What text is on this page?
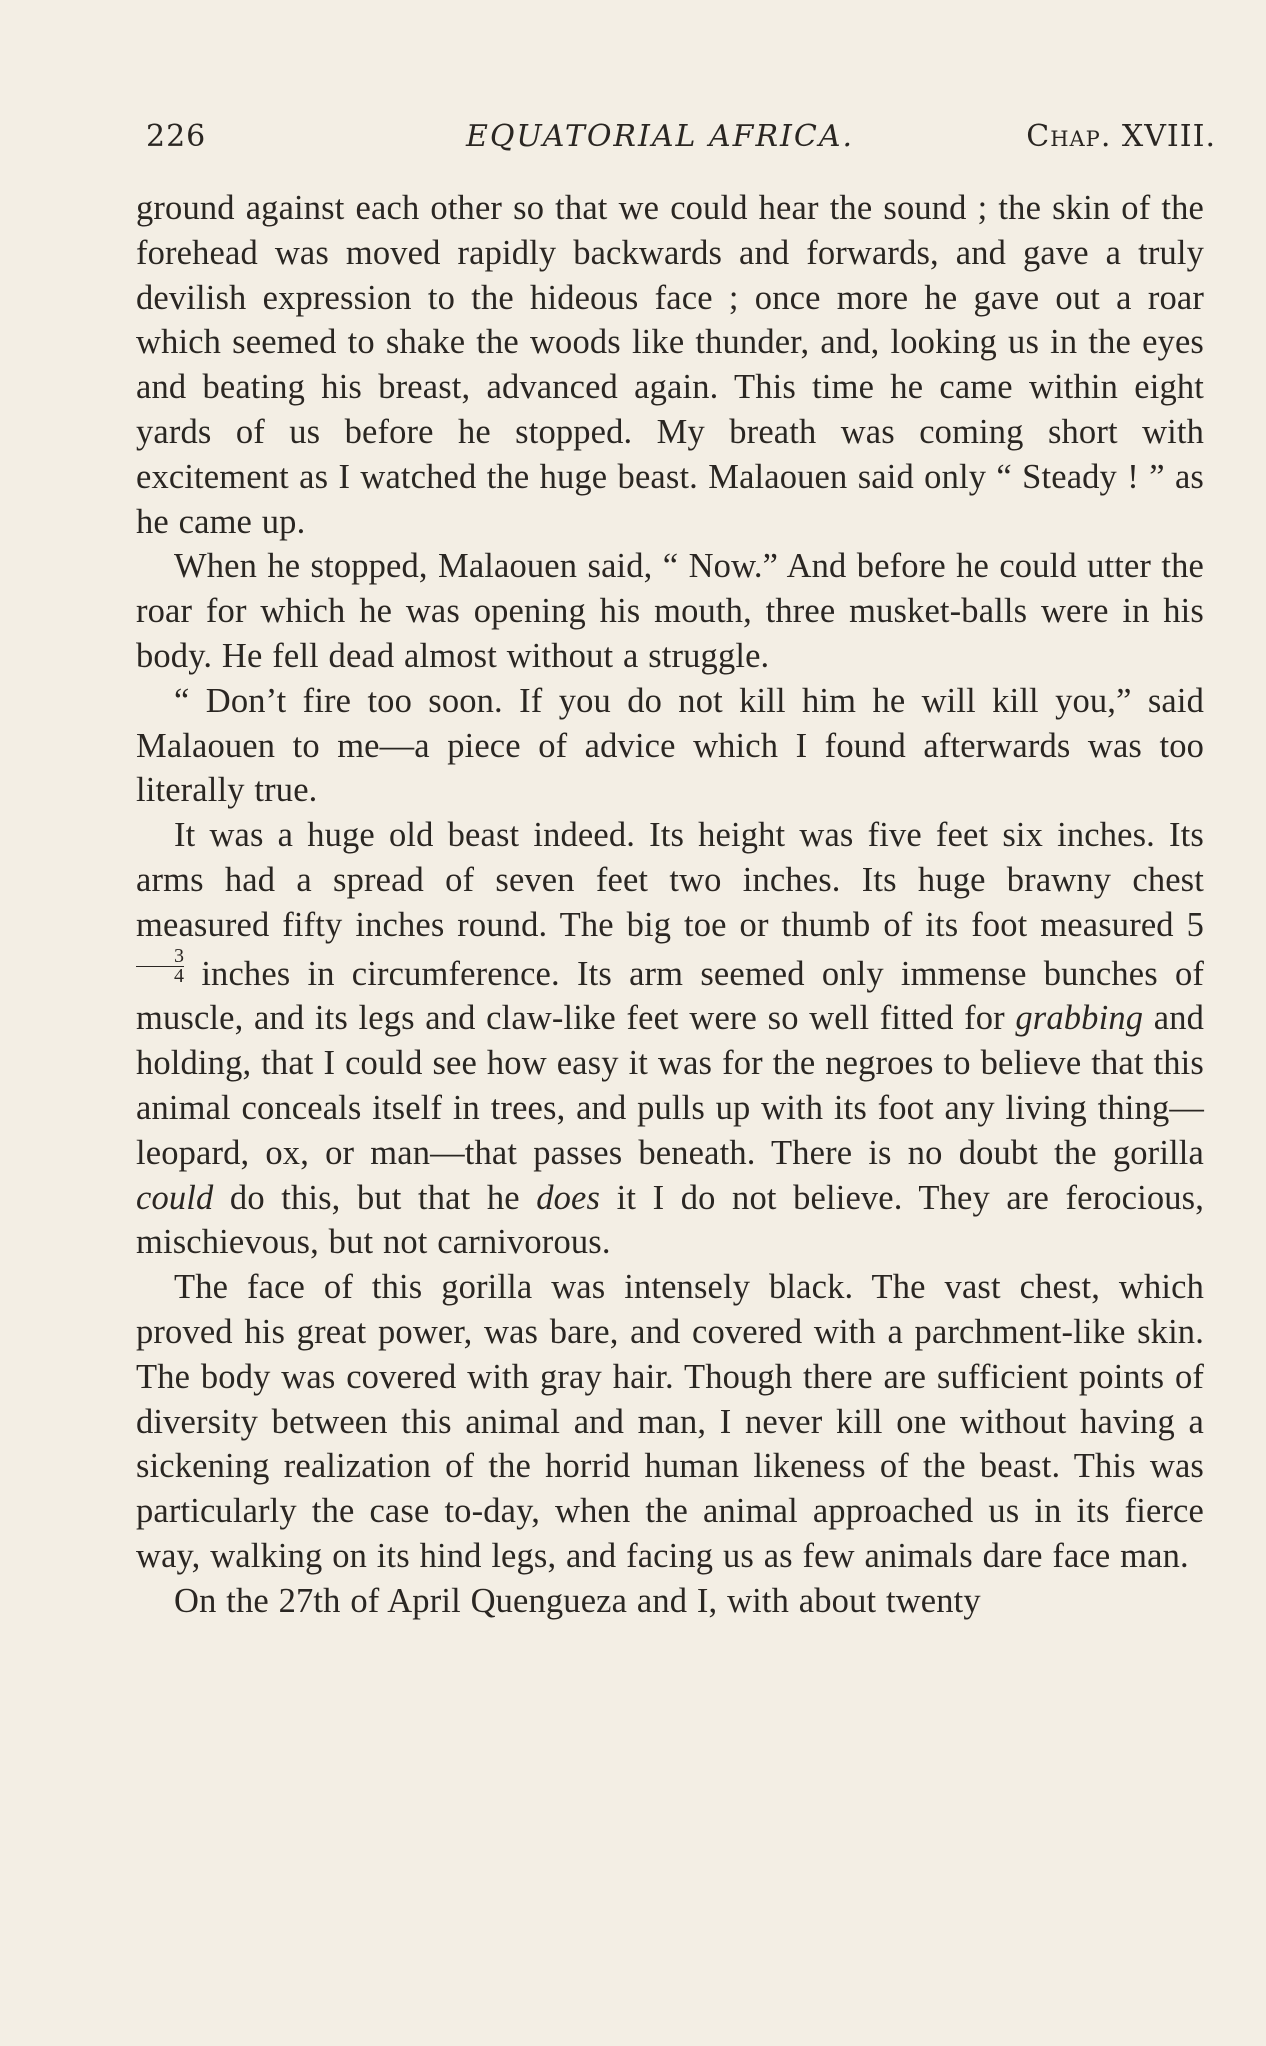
226	EQUATORIAL AFRICA.	Chap. XVIII.

ground against each other so that we could hear the sound ; the skin of the forehead was moved rapidly backwards and forwards, and gave a truly devilish expression to the hideous face ; once more he gave out a roar which seemed to shake the woods like thunder, and, looking us in the eyes and beating his breast, advanced again. This time he came within eight yards of us before he stopped. My breath was coming short with excitement as I watched the huge beast. Malaouen said only “ Steady ! ” as he came up.

When he stopped, Malaouen said, “ Now.” And before he could utter the roar for which he was opening his mouth, three musket-balls were in his body. He fell dead almost without a struggle.

“ Don’t fire too soon. If you do not kill him he will kill you,” said Malaouen to me—a piece of advice which I found afterwards was too literally true.

It was a huge old beast indeed. Its height was five feet six inches. Its arms had a spread of seven feet two inches. Its huge brawny chest measured fifty inches round. The big toe or thumb of its foot measured 5
$\frac{3}{4}$ inches in circumference. Its arm seemed only immense bunches of muscle, and its legs and claw-like feet were so well fitted for grabbing and holding, that I could see how easy it was for the negroes to believe that this animal conceals itself in trees, and pulls up with its foot any living thing—leopard, ox, or man—that passes beneath. There is no doubt the gorilla could do this, but that he does it I do not believe. They are ferocious, mischievous, but not carnivorous.

The face of this gorilla was intensely black. The vast chest, which proved his great power, was bare, and covered with a parchment-like skin. The body was covered with gray hair. Though there are sufficient points of diversity between this animal and man, I never kill one without having a sickening realization of the horrid human likeness of the beast. This was particularly the case to-day, when the animal approached us in its fierce way, walking on its hind legs, and facing us as few animals dare face man.

On the 27th of April Quengueza and I, with about twenty
